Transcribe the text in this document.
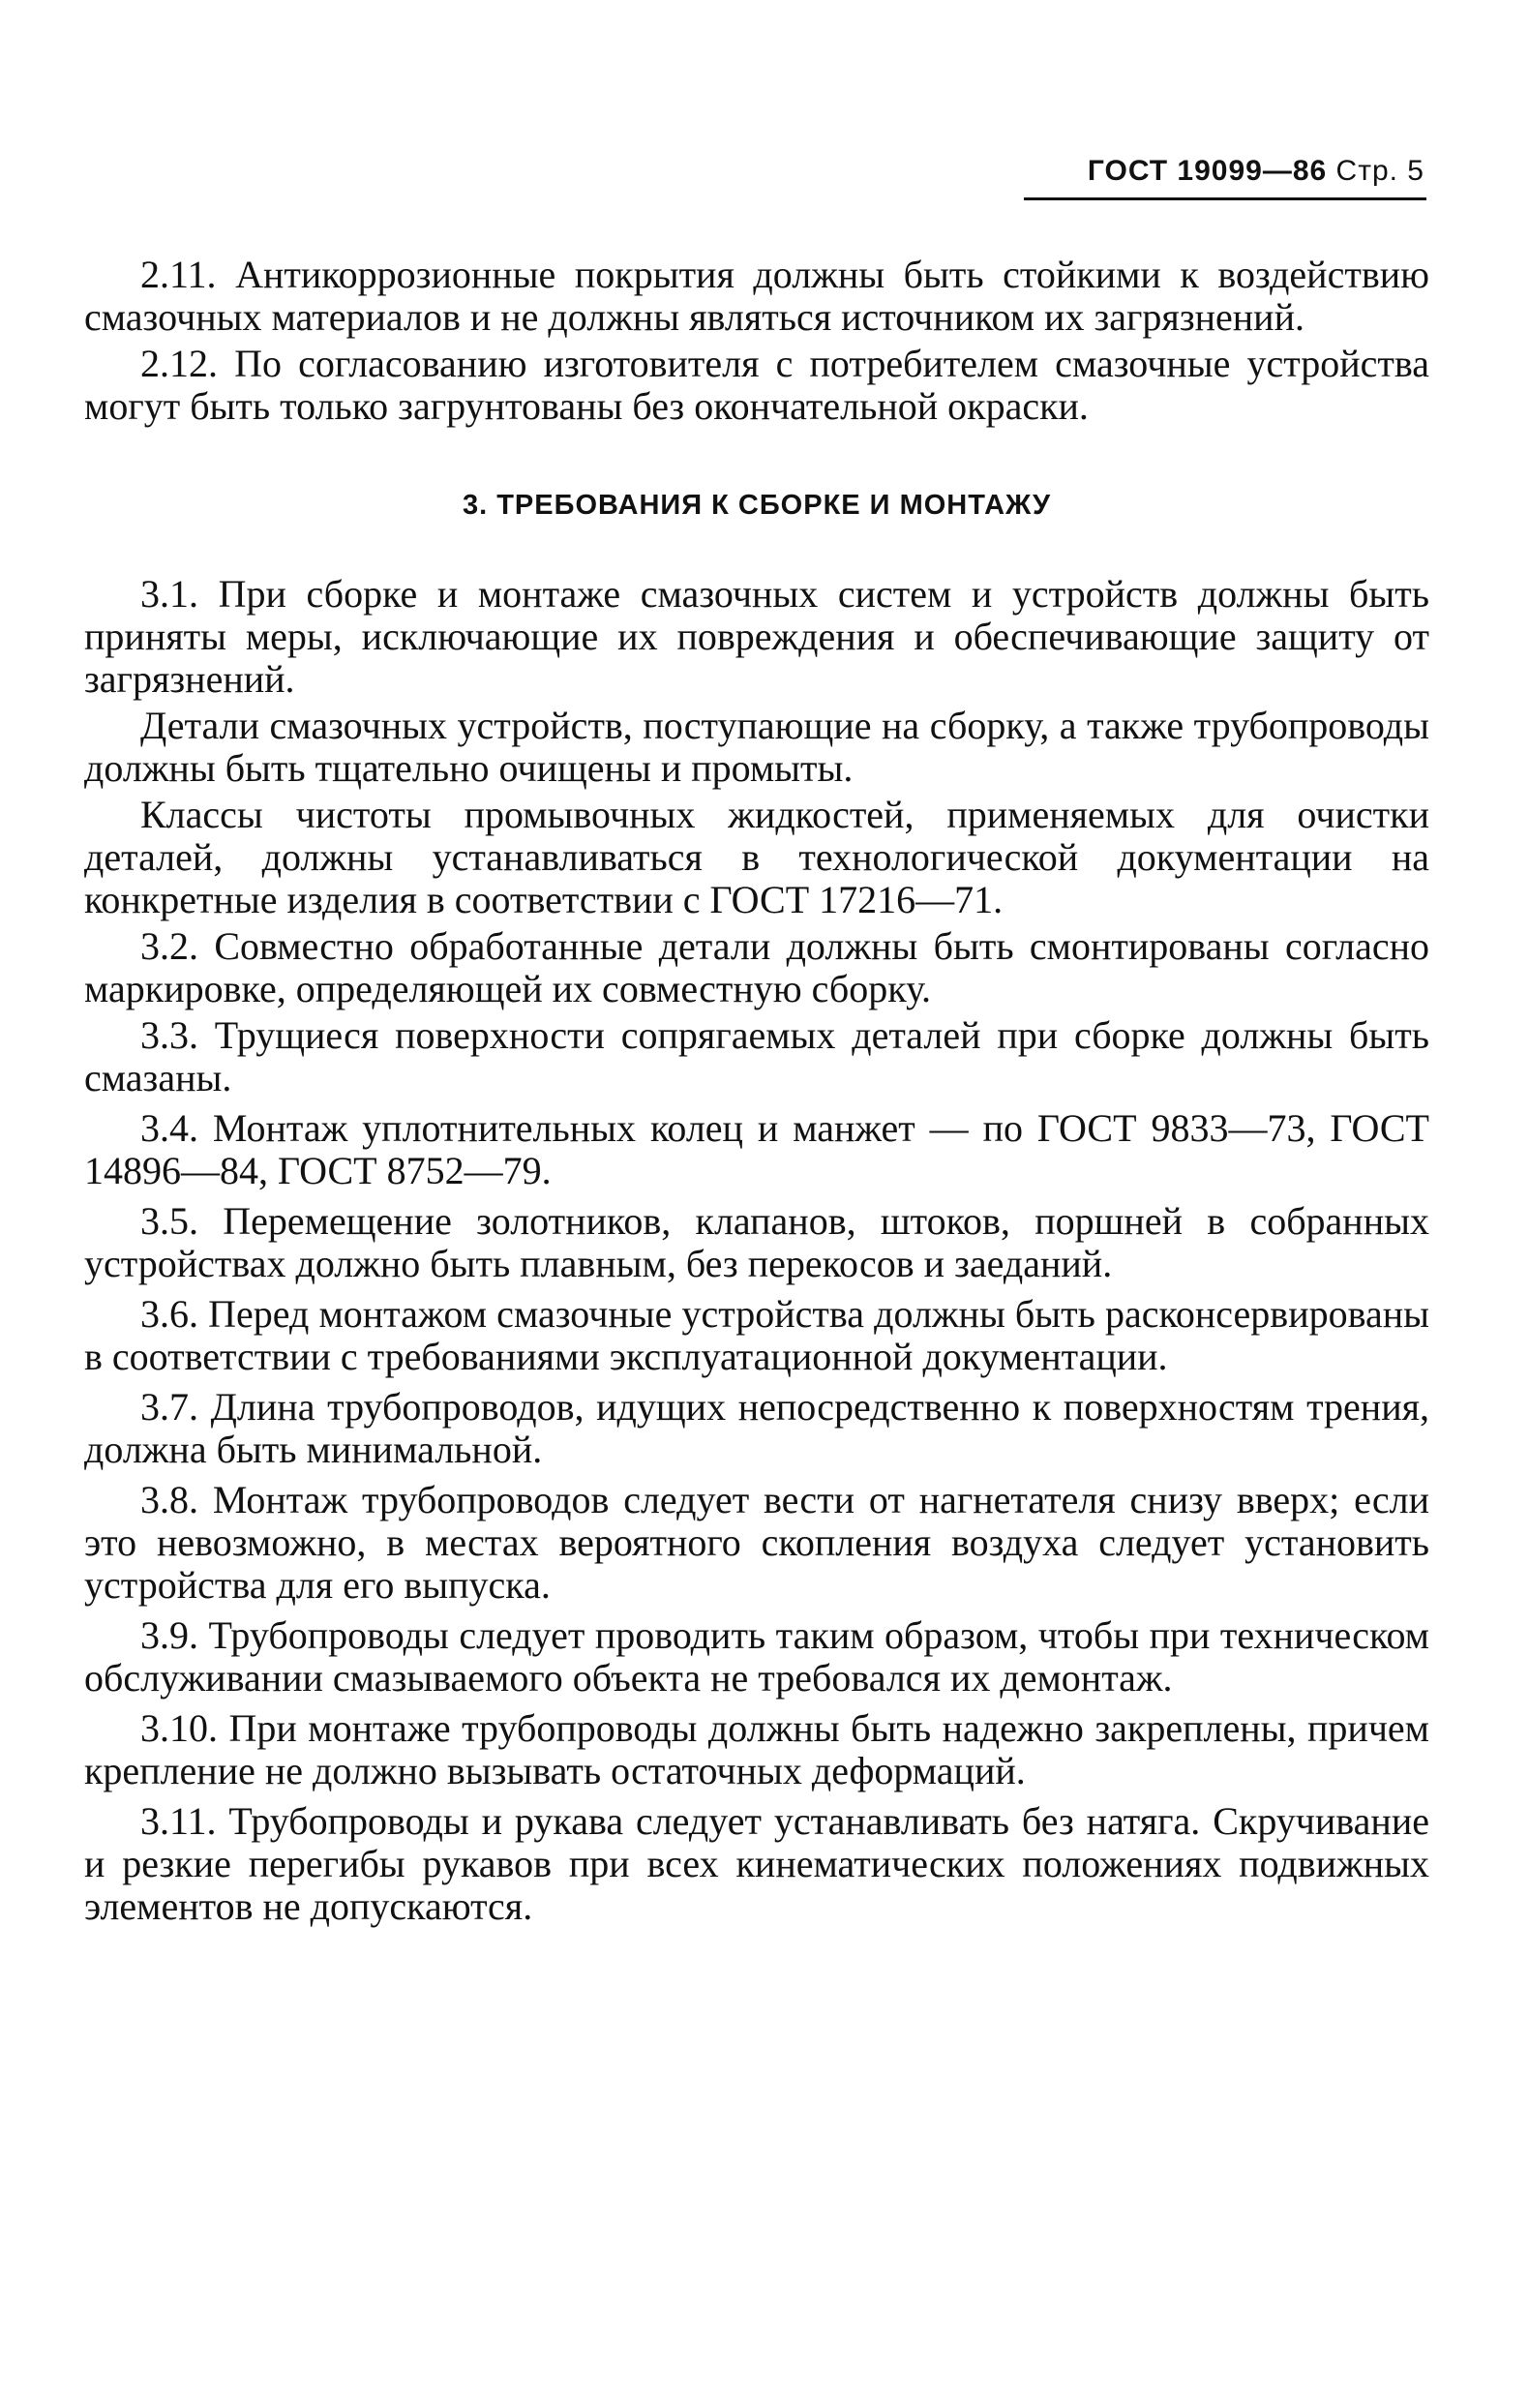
ГОСТ 19099—86 Стр. 5

2.11. Антикоррозионные покрытия должны быть стойкими к воздействию смазочных материалов и не должны являться источником их загрязнений.

2.12. По согласованию изготовителя с потребителем смазочные устройства могут быть только загрунтованы без окончательной окраски.

3. ТРЕБОВАНИЯ К СБОРКЕ И МОНТАЖУ

3.1. При сборке и монтаже смазочных систем и устройств должны быть приняты меры, исключающие их повреждения и обеспечивающие защиту от загрязнений.

Детали смазочных устройств, поступающие на сборку, а также трубопроводы должны быть тщательно очищены и промыты.

Классы чистоты промывочных жидкостей, применяемых для очистки деталей, должны устанавливаться в технологической документации на конкретные изделия в соответствии с ГОСТ 17216—71.

3.2. Совместно обработанные детали должны быть смонтированы согласно маркировке, определяющей их совместную сборку.

3.3. Трущиеся поверхности сопрягаемых деталей при сборке должны быть смазаны.

3.4. Монтаж уплотнительных колец и манжет — по ГОСТ 9833—73, ГОСТ 14896—84, ГОСТ 8752—79.

3.5. Перемещение золотников, клапанов, штоков, поршней в собранных устройствах должно быть плавным, без перекосов и заеданий.

3.6. Перед монтажом смазочные устройства должны быть расконсервированы в соответствии с требованиями эксплуатационной документации.

3.7. Длина трубопроводов, идущих непосредственно к поверхностям трения, должна быть минимальной.

3.8. Монтаж трубопроводов следует вести от нагнетателя снизу вверх; если это невозможно, в местах вероятного скопления воздуха следует установить устройства для его выпуска.

3.9. Трубопроводы следует проводить таким образом, чтобы при техническом обслуживании смазываемого объекта не требовался их демонтаж.

3.10. При монтаже трубопроводы должны быть надежно закреплены, причем крепление не должно вызывать остаточных деформаций.

3.11. Трубопроводы и рукава следует устанавливать без натяга. Скручивание и резкие перегибы рукавов при всех кинематических положениях подвижных элементов не допускаются.
